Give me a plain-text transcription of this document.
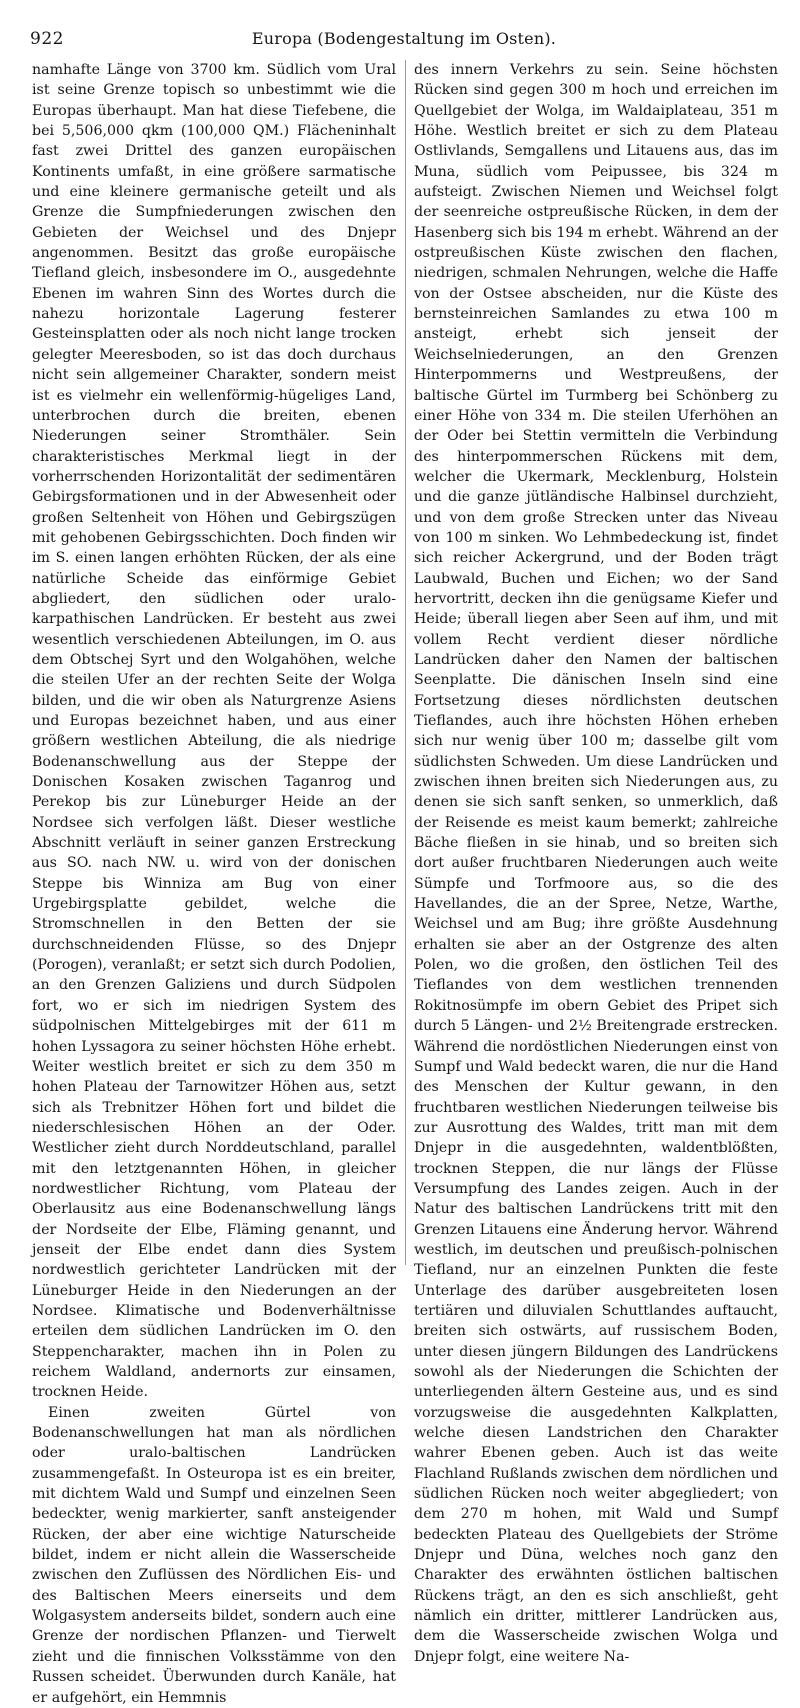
922	Europa (Bodengestaltung im Osten).

namhafte Länge von 3700 km. Südlich vom Ural ist seine Grenze topisch so unbestimmt wie die Europas überhaupt. Man hat diese Tiefebene, die bei 5,506,000 qkm (100,000 QM.) Flächeninhalt fast zwei Drittel des ganzen europäischen Kontinents umfaßt, in eine größere sarmatische und eine kleinere germanische geteilt und als Grenze die Sumpfniederungen zwischen den Gebieten der Weichsel und des Dnjepr angenommen. Besitzt das große europäische Tiefland gleich, insbesondere im O., ausgedehnte Ebenen im wahren Sinn des Wortes durch die nahezu horizontale Lagerung festerer Gesteinsplatten oder als noch nicht lange trocken gelegter Meeresboden, so ist das doch durchaus nicht sein allgemeiner Charakter, sondern meist ist es vielmehr ein wellenförmig-hügeliges Land, unterbrochen durch die breiten, ebenen Niederungen seiner Stromthäler. Sein charakteristisches Merkmal liegt in der vorherrschenden Horizontalität der sedimentären Gebirgsformationen und in der Abwesenheit oder großen Seltenheit von Höhen und Gebirgszügen mit gehobenen Gebirgsschichten. Doch finden wir im S. einen langen erhöhten Rücken, der als eine natürliche Scheide das einförmige Gebiet abgliedert, den südlichen oder uralo-karpathischen Landrücken. Er besteht aus zwei wesentlich verschiedenen Abteilungen, im O. aus dem Obtschej Syrt und den Wolgahöhen, welche die steilen Ufer an der rechten Seite der Wolga bilden, und die wir oben als Naturgrenze Asiens und Europas bezeichnet haben, und aus einer größern westlichen Abteilung, die als niedrige Bodenanschwellung aus der Steppe der Donischen Kosaken zwischen Taganrog und Perekop bis zur Lüneburger Heide an der Nordsee sich verfolgen läßt. Dieser westliche Abschnitt verläuft in seiner ganzen Erstreckung aus SO. nach NW. u. wird von der donischen Steppe bis Winniza am Bug von einer Urgebirgsplatte gebildet, welche die Stromschnellen in den Betten der sie durchschneidenden Flüsse, so des Dnjepr (Porogen), veranlaßt; er setzt sich durch Podolien, an den Grenzen Galiziens und durch Südpolen fort, wo er sich im niedrigen System des südpolnischen Mittelgebirges mit der 611 m hohen Lyssagora zu seiner höchsten Höhe erhebt. Weiter westlich breitet er sich zu dem 350 m hohen Plateau der Tarnowitzer Höhen aus, setzt sich als Trebnitzer Höhen fort und bildet die niederschlesischen Höhen an der Oder. Westlicher zieht durch Norddeutschland, parallel mit den letztgenannten Höhen, in gleicher nordwestlicher Richtung, vom Plateau der Oberlausitz aus eine Bodenanschwellung längs der Nordseite der Elbe, Fläming genannt, und jenseit der Elbe endet dann dies System nordwestlich gerichteter Landrücken mit der Lüneburger Heide in den Niederungen an der Nordsee. Klimatische und Bodenverhältnisse erteilen dem südlichen Landrücken im O. den Steppencharakter, machen ihn in Polen zu reichem Waldland, andernorts zur einsamen, trocknen Heide.

Einen zweiten Gürtel von Bodenanschwellungen hat man als nördlichen oder uralo-baltischen Landrücken zusammengefaßt. In Osteuropa ist es ein breiter, mit dichtem Wald und Sumpf und einzelnen Seen bedeckter, wenig markierter, sanft ansteigender Rücken, der aber eine wichtige Naturscheide bildet, indem er nicht allein die Wasserscheide zwischen den Zuflüssen des Nördlichen Eis- und des Baltischen Meers einerseits und dem Wolgasystem anderseits bildet, sondern auch eine Grenze der nordischen Pflanzen- und Tierwelt zieht und die finnischen Volksstämme von den Russen scheidet. Überwunden durch Kanäle, hat er aufgehört, ein Hemmnis

des innern Verkehrs zu sein. Seine höchsten Rücken sind gegen 300 m hoch und erreichen im Quellgebiet der Wolga, im Waldaiplateau, 351 m Höhe. Westlich breitet er sich zu dem Plateau Ostlivlands, Semgallens und Litauens aus, das im Muna, südlich vom Peipussee, bis 324 m aufsteigt. Zwischen Niemen und Weichsel folgt der seenreiche ostpreußische Rücken, in dem der Hasenberg sich bis 194 m erhebt. Während an der ostpreußischen Küste zwischen den flachen, niedrigen, schmalen Nehrungen, welche die Haffe von der Ostsee abscheiden, nur die Küste des bernsteinreichen Samlandes zu etwa 100 m ansteigt, erhebt sich jenseit der Weichselniederungen, an den Grenzen Hinterpommerns und Westpreußens, der baltische Gürtel im Turmberg bei Schönberg zu einer Höhe von 334 m. Die steilen Uferhöhen an der Oder bei Stettin vermitteln die Verbindung des hinterpommerschen Rückens mit dem, welcher die Ukermark, Mecklenburg, Holstein und die ganze jütländische Halbinsel durchzieht, und von dem große Strecken unter das Niveau von 100 m sinken. Wo Lehmbedeckung ist, findet sich reicher Ackergrund, und der Boden trägt Laubwald, Buchen und Eichen; wo der Sand hervortritt, decken ihn die genügsame Kiefer und Heide; überall liegen aber Seen auf ihm, und mit vollem Recht verdient dieser nördliche Landrücken daher den Namen der baltischen Seenplatte. Die dänischen Inseln sind eine Fortsetzung dieses nördlichsten deutschen Tieflandes, auch ihre höchsten Höhen erheben sich nur wenig über 100 m; dasselbe gilt vom südlichsten Schweden. Um diese Landrücken und zwischen ihnen breiten sich Niederungen aus, zu denen sie sich sanft senken, so unmerklich, daß der Reisende es meist kaum bemerkt; zahlreiche Bäche fließen in sie hinab, und so breiten sich dort außer fruchtbaren Niederungen auch weite Sümpfe und Torfmoore aus, so die des Havellandes, die an der Spree, Netze, Warthe, Weichsel und am Bug; ihre größte Ausdehnung erhalten sie aber an der Ostgrenze des alten Polen, wo die großen, den östlichen Teil des Tieflandes von dem westlichen trennenden Rokitnosümpfe im obern Gebiet des Pripet sich durch 5 Längen- und 2½ Breitengrade erstrecken. Während die nordöstlichen Niederungen einst von Sumpf und Wald bedeckt waren, die nur die Hand des Menschen der Kultur gewann, in den fruchtbaren westlichen Niederungen teilweise bis zur Ausrottung des Waldes, tritt man mit dem Dnjepr in die ausgedehnten, waldentblößten, trocknen Steppen, die nur längs der Flüsse Versumpfung des Landes zeigen. Auch in der Natur des baltischen Landrückens tritt mit den Grenzen Litauens eine Änderung hervor. Während westlich, im deutschen und preußisch-polnischen Tiefland, nur an einzelnen Punkten die feste Unterlage des darüber ausgebreiteten losen tertiären und diluvialen Schuttlandes auftaucht, breiten sich ostwärts, auf russischem Boden, unter diesen jüngern Bildungen des Landrückens sowohl als der Niederungen die Schichten der unterliegenden ältern Gesteine aus, und es sind vorzugsweise die ausgedehnten Kalkplatten, welche diesen Landstrichen den Charakter wahrer Ebenen geben. Auch ist das weite Flachland Rußlands zwischen dem nördlichen und südlichen Rücken noch weiter abgegliedert; von dem 270 m hohen, mit Wald und Sumpf bedeckten Plateau des Quellgebiets der Ströme Dnjepr und Düna, welches noch ganz den Charakter des erwähnten östlichen baltischen Rückens trägt, an den es sich anschließt, geht nämlich ein dritter, mittlerer Landrücken aus, dem die Wasserscheide zwischen Wolga und Dnjepr folgt, eine weitere Na-
